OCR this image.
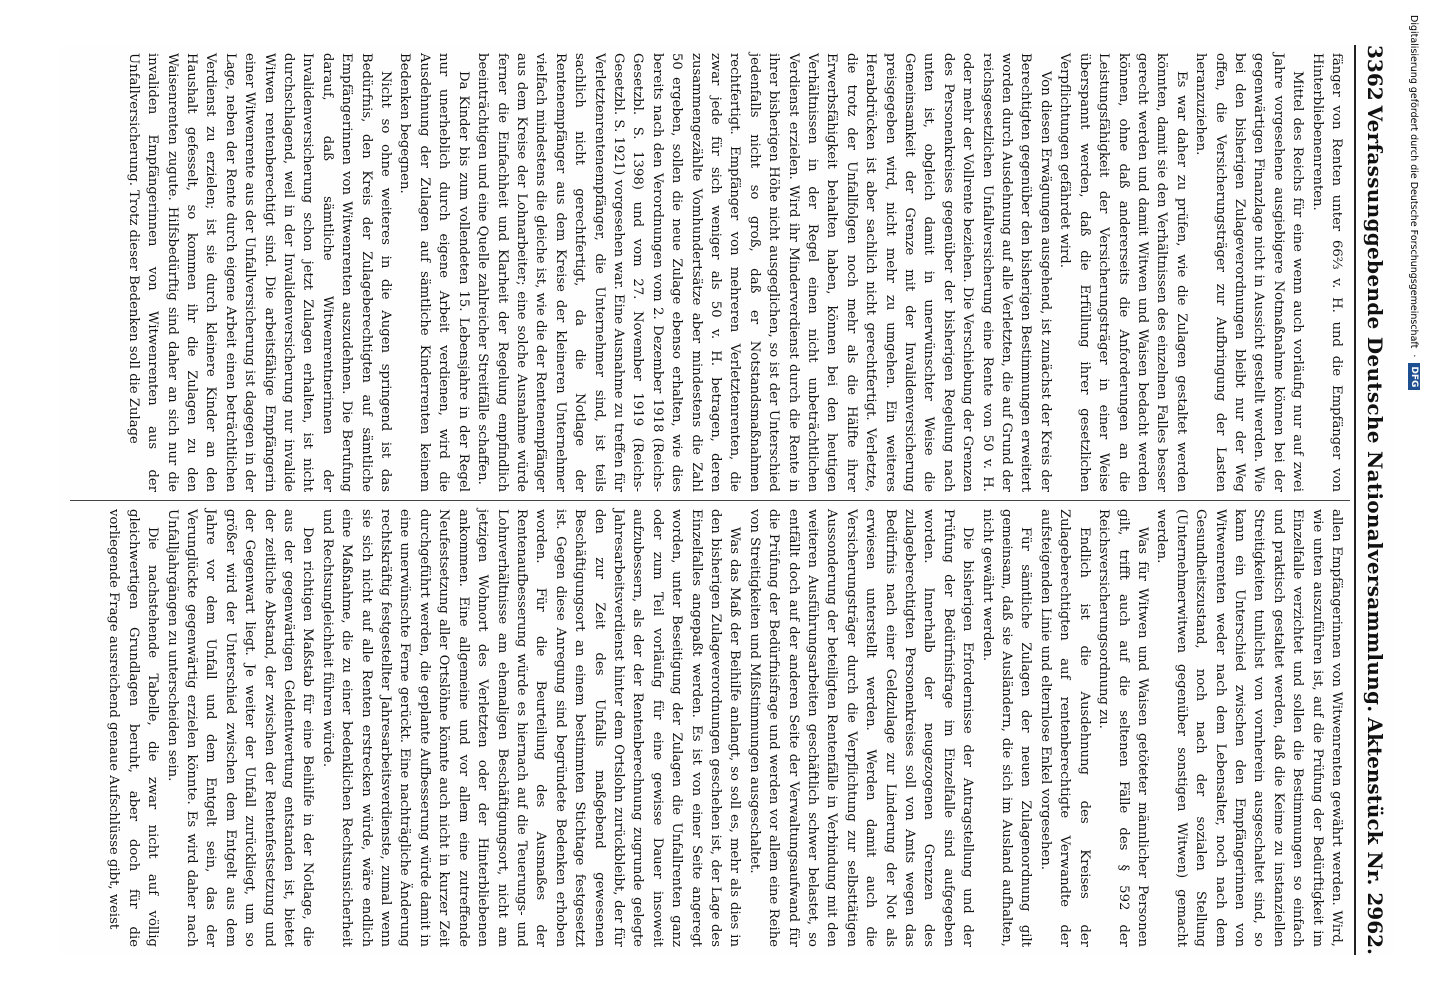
3362
Verfassunggebende Deutsche Nationalversammlung.
Aktenstück Nr. 2962.

fänger von Renten unter 66⅔ v. H. und die Empfänger von Hinterbliebenenrenten.

Mittel des Reichs für eine wenn auch vorläufig nur auf zwei Jahre vorgesehene ausgiebigere Notmaßnahme können bei der gegenwärtigen Finanzlage nicht in Aussicht gestellt werden. Wie bei den bisherigen Zulageverordnungen bleibt nur der Weg offen, die Versicherungsträger zur Aufbringung der Lasten heranzuziehen.

Es war daher zu prüfen, wie die Zulagen gestaltet werden könnten, damit sie den Verhältnissen des einzelnen Falles besser gerecht werden und damit Witwen und Waisen bedacht werden können, ohne daß andererseits die Anforderungen an die Leistungsfähigkeit der Versicherungsträger in einer Weise überspannt werden, daß die Erfüllung ihrer gesetzlichen Verpflichtungen gefährdet wird.

Von diesen Erwägungen ausgehend, ist zunächst der Kreis der Berechtigten gegenüber den bisherigen Bestimmungen erweitert worden durch Ausdehnung auf alle Verletzten, die auf Grund der reichsgesetzlichen Unfallversicherung eine Rente von 50 v. H. oder mehr der Vollrente beziehen. Die Verschiebung der Grenzen des Personenkreises gegenüber der bisherigen Regelung nach unten ist, obgleich damit in unerwünschter Weise die Gemeinsamkeit der Grenze mit der Invalidenversicherung preisgegeben wird, nicht mehr zu umgehen. Ein weiteres Herabdrücken ist aber sachlich nicht gerechtfertigt. Verletzte, die trotz der Unfallfolgen noch mehr als die Hälfte ihrer Erwerbsfähigkeit behalten haben, können bei den heutigen Verhältnissen in der Regel einen nicht unbeträchtlichen Verdienst erzielen. Wird ihr Minderverdienst durch die Rente in ihrer bisherigen Höhe nicht ausgeglichen, so ist der Unterschied jedenfalls nicht so groß, daß er Notstandsmaßnahmen rechtfertigt. Empfänger von mehreren Verletztenrenten, die zwar jede für sich weniger als 50 v. H. betragen, deren zusammengezählte Vomhundertsätze aber mindestens die Zahl 50 ergeben, sollen die neue Zulage ebenso erhalten, wie dies bereits nach den Verordnungen vom 2. Dezember 1918 (Reichs-Gesetzbl. S. 1398) und vom 27. November 1919 (Reichs-Gesetzbl. S. 1921) vorgesehen war. Eine Ausnahme zu treffen für Verletztenrentenempfänger, die Unternehmer sind, ist teils sachlich nicht gerechtfertigt, da die Notlage der Rentenempfänger aus dem Kreise der kleineren Unternehmer vielfach mindestens die gleiche ist, wie die der Rentenempfänger aus dem Kreise der Lohnarbeiter; eine solche Ausnahme würde ferner die Einfachheit und Klarheit der Regelung empfindlich beeinträchtigen und eine Quelle zahlreicher Streitfälle schaffen.

Da Kinder bis zum vollendeten 15. Lebensjahre in der Regel nur unerheblich durch eigene Arbeit verdienen, wird die Ausdehnung der Zulagen auf sämtliche Kinderrenten keinem Bedenken begegnen.

Nicht so ohne weiteres in die Augen springend ist das Bedürfnis, den Kreis der Zulageberechtigten auf sämtliche Empfängerinnen von Witwenrenten auszudehnen. Die Berufung darauf, daß sämtliche Witwenrentnerinnen der Invalidenversicherung schon jetzt Zulagen erhalten, ist nicht durchschlagend, weil in der Invalidenversicherung nur invalide Witwen rentenberechtigt sind. Die arbeitsfähige Empfängerin einer Witwenrente aus der Unfallversicherung ist dagegen in der Lage, neben der Rente durch eigene Arbeit einen beträchtlichen Verdienst zu erzielen; ist sie durch kleinere Kinder an den Haushalt gefesselt, so kommen ihr die Zulagen zu den Waisenrenten zugute. Hilfsbedürftig sind daher an sich nur die invaliden Empfängerinnen von Witwenrenten aus der Unfallversicherung. Trotz dieser Bedenken soll die Zulage

allen Empfängerinnen von Witwenrenten gewährt werden. Wird, wie unten auszuführen ist, auf die Prüfung der Bedürftigkeit im Einzelfalle verzichtet und sollen die Bestimmungen so einfach und praktisch gestaltet werden, daß die Keime zu instanziellen Streitigkeiten tunlichst von vornherein ausgeschaltet sind, so kann ein Unterschied zwischen den Empfängerinnen von Witwenrenten weder nach dem Lebensalter, noch nach dem Gesundheitszustand, noch nach der sozialen Stellung (Unternehmerwitwen gegenüber sonstigen Witwen) gemacht werden.

Was für Witwen und Waisen getöteter männlicher Personen gilt, trifft auch auf die seltenen Fälle des § 592 der Reichsversicherungsordnung zu.

Endlich ist die Ausdehnung des Kreises der Zulageberechtigten auf rentenberechtigte Verwandte der aufsteigenden Linie und elternlose Enkel vorgesehen.

Für sämtliche Zulagen der neuen Zulagenordnung gilt gemeinsam, daß sie Ausländern, die sich im Ausland aufhalten, nicht gewährt werden.

Die bisherigen Erfordernisse der Antragstellung und der Prüfung der Bedürfnisfrage im Einzelfalle sind aufgegeben worden. Innerhalb der neugezogenen Grenzen des zulageberechtigten Personenkreises soll von Amts wegen das Bedürfnis nach einer Geldzulage zur Linderung der Not als erwiesen unterstellt werden. Werden damit auch die Versicherungsträger durch die Verpflichtung zur selbsttätigen Aussonderung der beteiligten Rentenfälle in Verbindung mit den weiteren Ausführungsarbeiten geschäftlich schwer belastet, so entfällt doch auf der anderen Seite der Verwaltungsaufwand für die Prüfung der Bedürfnisfrage und werden vor allem eine Reihe von Streitigkeiten und Mißstimmungen ausgeschaltet.

Was das Maß der Beihilfe anlangt, so soll es, mehr als dies in den bisherigen Zulageverordnungen geschehen ist, der Lage des Einzelfalles angepaßt werden. Es ist von einer Seite angeregt worden, unter Beseitigung der Zulagen die Unfallrenten ganz oder zum Teil vorläufig für eine gewisse Dauer insoweit aufzubessern, als der der Rentenberechnung zugrunde gelegte Jahresarbeitsverdienst hinter dem Ortslohn zurückbleibt, der für den zur Zeit des Unfalls maßgebend gewesenen Beschäftigungsort an einem bestimmten Stichtage festgesetzt ist. Gegen diese Anregung sind begründete Bedenken erhoben worden. Für die Beurteilung des Ausmaßes der Rentenaufbesserung würde es hiernach auf die Teuerungs- und Lohnverhältnisse am ehemaligen Beschäftigungsort, nicht am jetzigen Wohnort des Verletzten oder der Hinterbliebenen ankommen. Eine allgemeine und vor allem eine zutreffende Neufestsetzung aller Ortslöhne könnte auch nicht in kurzer Zeit durchgeführt werden, die geplante Aufbesserung würde damit in eine unerwünschte Ferne gerückt. Eine nachträgliche Änderung rechtskräftig festgestellter Jahresarbeitsverdienste, zumal wenn sie sich nicht auf alle Renten erstrecken würde, wäre endlich eine Maßnahme, die zu einer bedenklichen Rechtsunsicherheit und Rechtsungleichheit führen würde.

Den richtigen Maßstab für eine Beihilfe in der Notlage, die aus der gegenwärtigen Geldentwertung entstanden ist, bietet der zeitliche Abstand, der zwischen der Rentenfestsetzung und der Gegenwart liegt. Je weiter der Unfall zurückliegt, um so größer wird der Unterschied zwischen dem Entgelt aus dem Jahre vor dem Unfall und dem Entgelt sein, das der Verunglückte gegenwärtig erzielen könnte. Es wird daher nach Unfalljahrgängen zu unterscheiden sein.

Die nachstehende Tabelle, die zwar nicht auf völlig gleichwertigen Grundlagen beruht, aber doch für die vorliegende Frage ausreichend genaue Aufschlüsse gibt, weist

Digitalisierung gefördert durch die Deutsche Forschungsgemeinschaft
·
DFG
